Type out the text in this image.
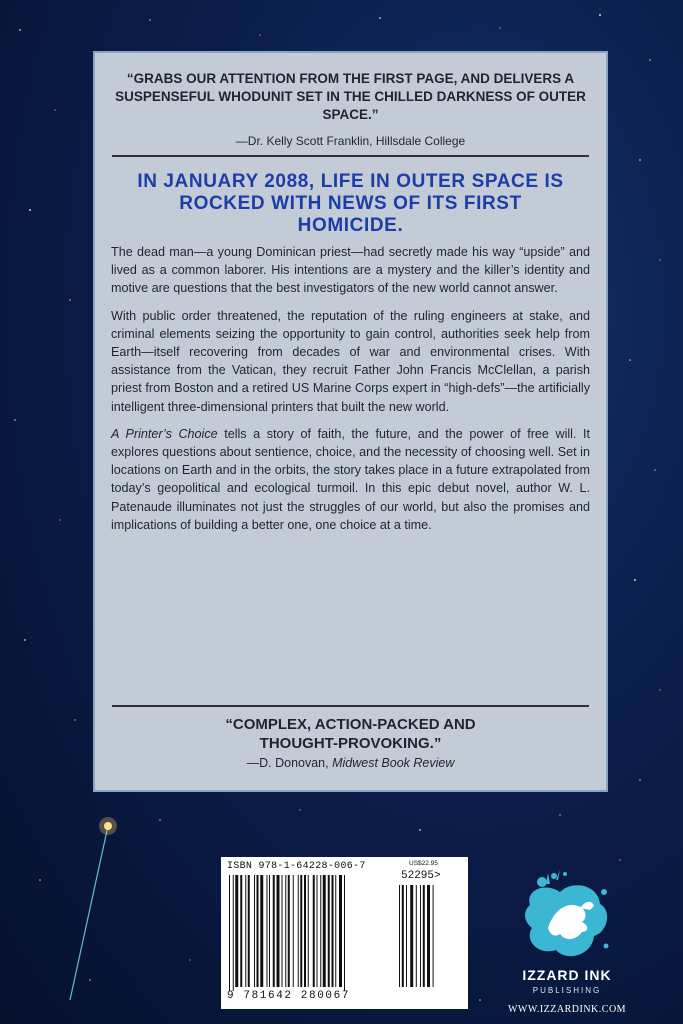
“GRABS OUR ATTENTION FROM THE FIRST PAGE, AND DELIVERS A SUSPENSEFUL WHODUNIT SET IN THE CHILLED DARKNESS OF OUTER SPACE.”
—Dr. Kelly Scott Franklin, Hillsdale College
IN JANUARY 2088, LIFE IN OUTER SPACE IS ROCKED WITH NEWS OF ITS FIRST HOMICIDE.

The dead man—a young Dominican priest—had secretly made his way “upside” and lived as a common laborer. His intentions are a mystery and the killer’s identity and motive are questions that the best investigators of the new world cannot answer.

With public order threatened, the reputation of the ruling engineers at stake, and criminal elements seizing the opportunity to gain control, authorities seek help from Earth—itself recovering from decades of war and environmental crises. With assistance from the Vatican, they recruit Father John Francis McClellan, a parish priest from Boston and a retired US Marine Corps expert in “high-defs”—the artificially intelligent three-dimensional printers that built the new world.

A Printer’s Choice tells a story of faith, the future, and the power of free will. It explores questions about sentience, choice, and the necessity of choosing well. Set in locations on Earth and in the orbits, the story takes place in a future extrapolated from today’s geopolitical and ecological turmoil. In this epic debut novel, author W. L. Patenaude illuminates not just the struggles of our world, but also the promises and implications of building a better one, one choice at a time.

“COMPLEX, ACTION-PACKED AND THOUGHT-PROVOKING.”
—D. Donovan, Midwest Book Review
ISBN 978-1-64228-006-7	US$22.95
52295>
9 781642 280067
IZZARD INK
PUBLISHING
WWW.IZZARDINK.COM
